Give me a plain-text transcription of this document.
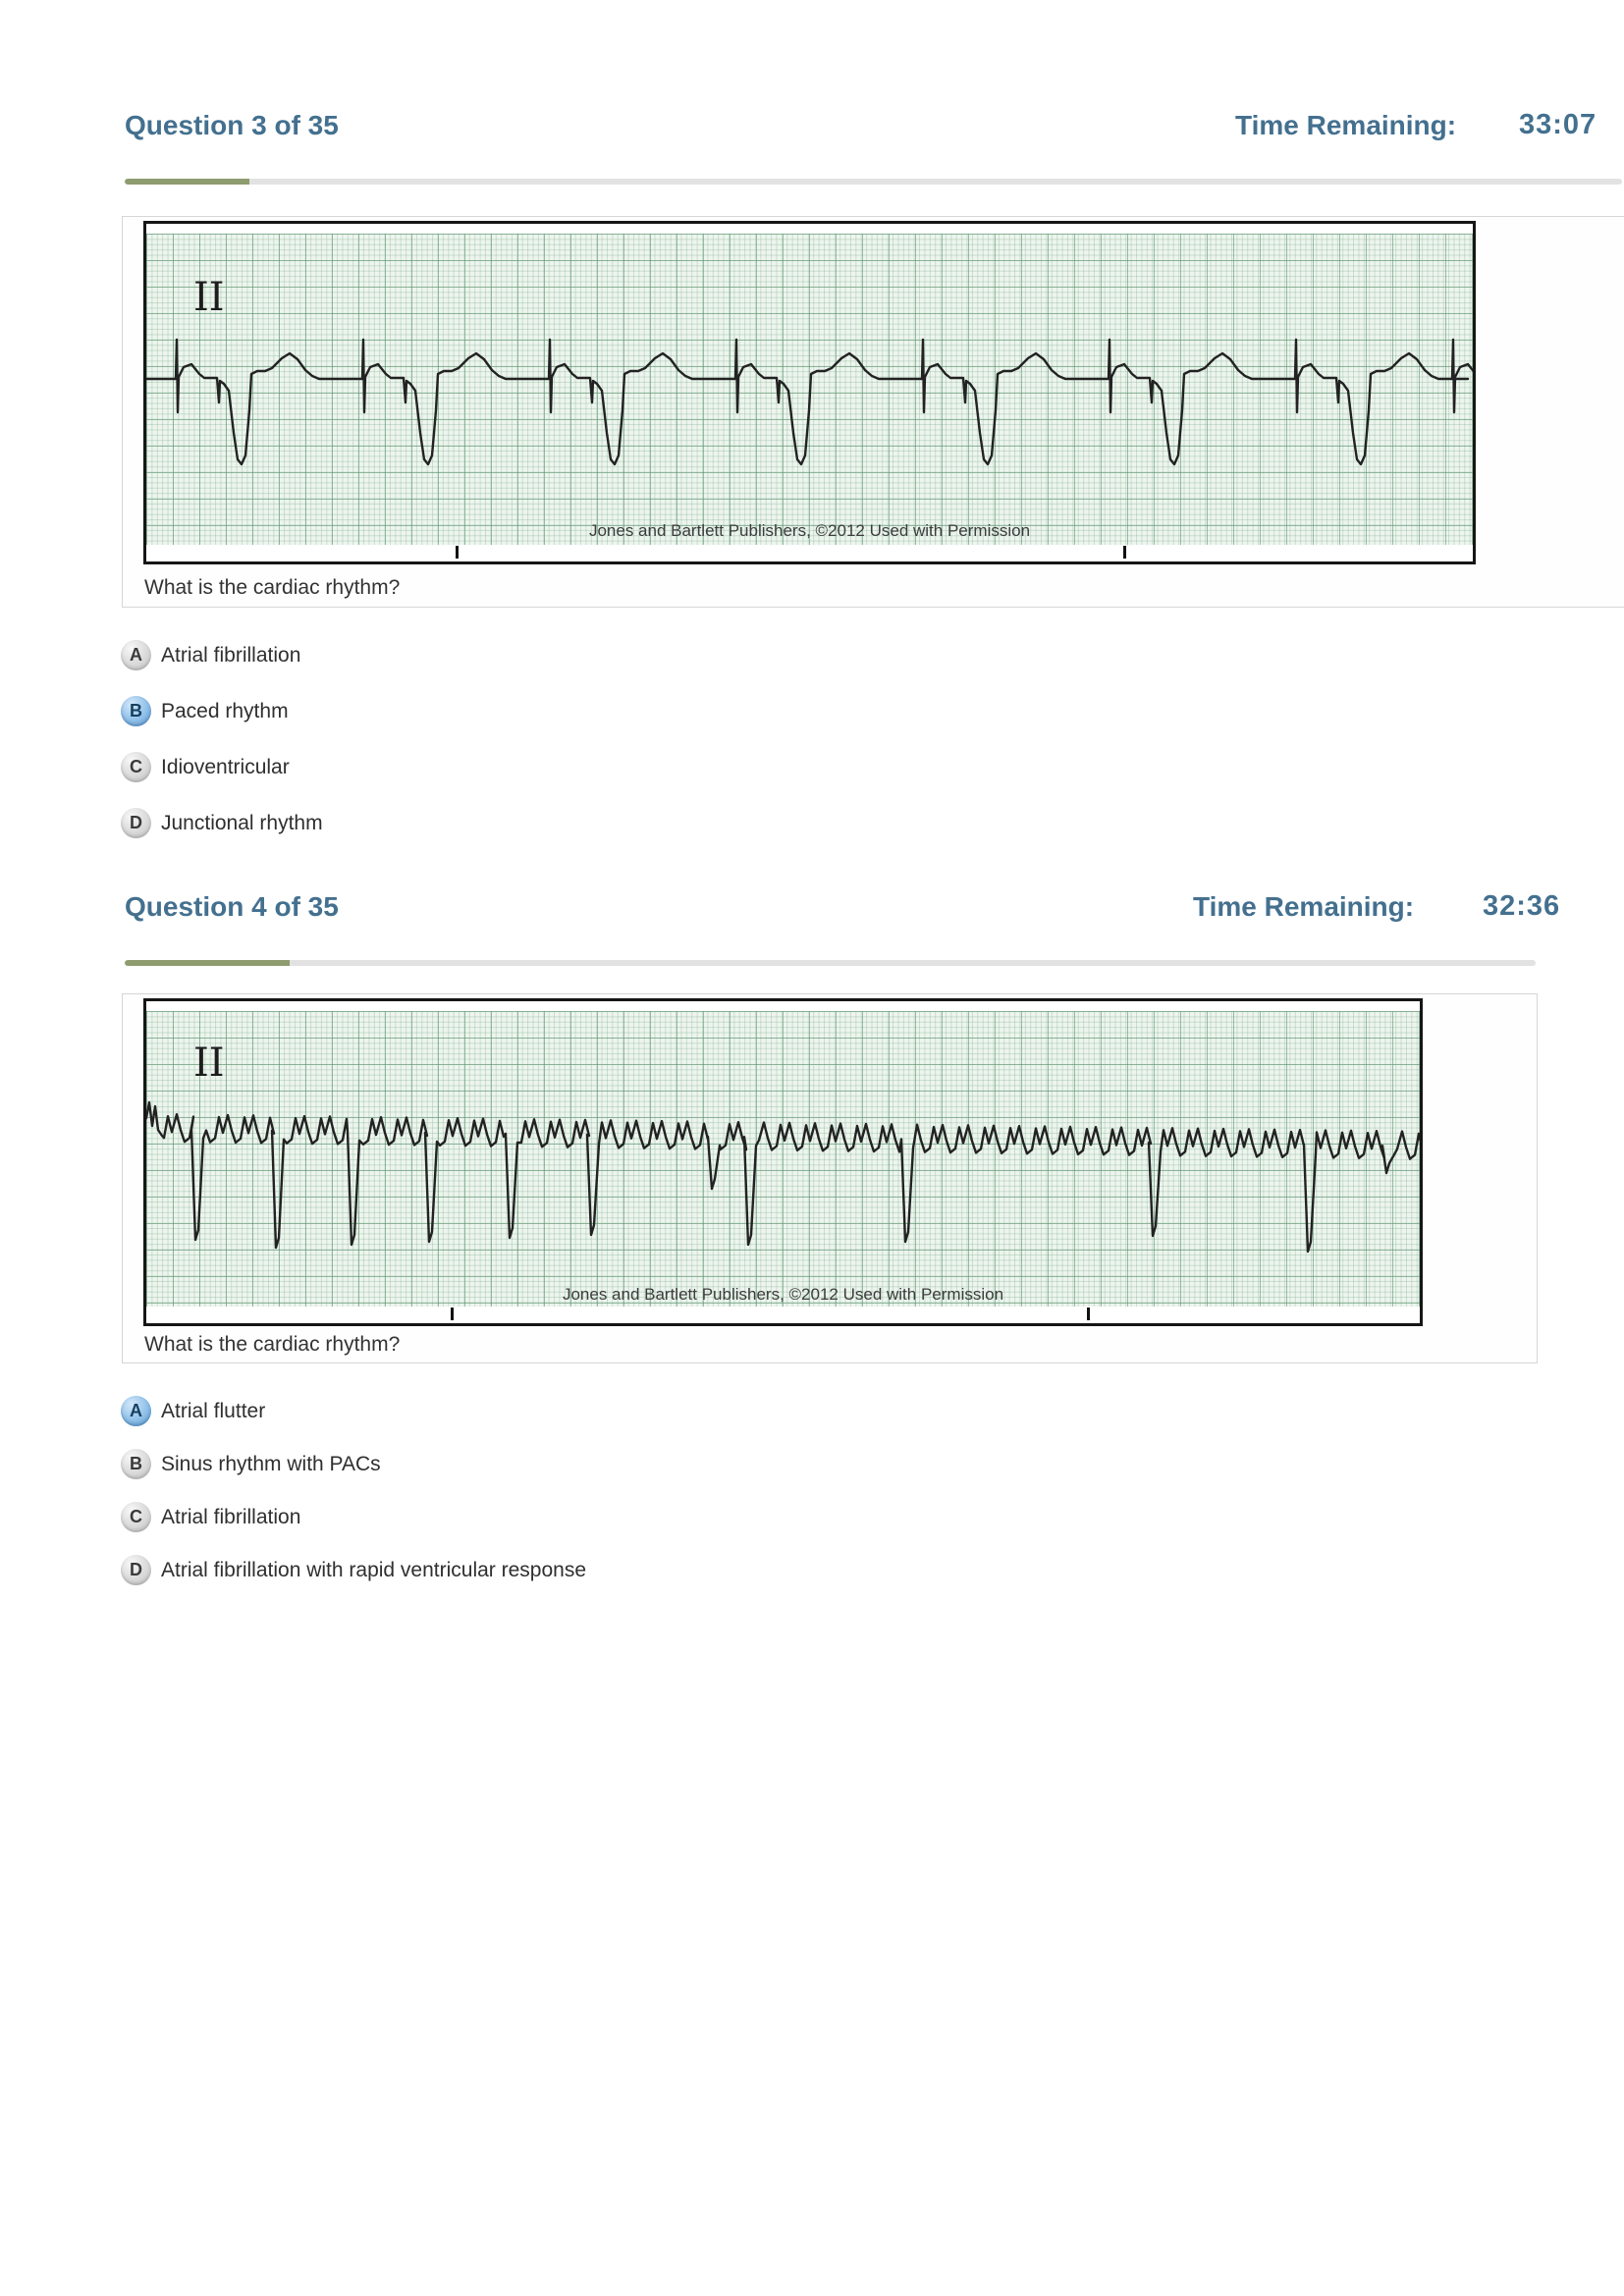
Question 3 of 35	Time Remaining: 33:07
II
Jones and Bartlett Publishers, ©2012 Used with Permission
What is the cardiac rhythm?
A Atrial fibrillation
B Paced rhythm
C Idioventricular
D Junctional rhythm
Question 4 of 35	Time Remaining: 32:36
II
Jones and Bartlett Publishers, ©2012 Used with Permission
What is the cardiac rhythm?
A Atrial flutter
B Sinus rhythm with PACs
C Atrial fibrillation
D Atrial fibrillation with rapid ventricular response
